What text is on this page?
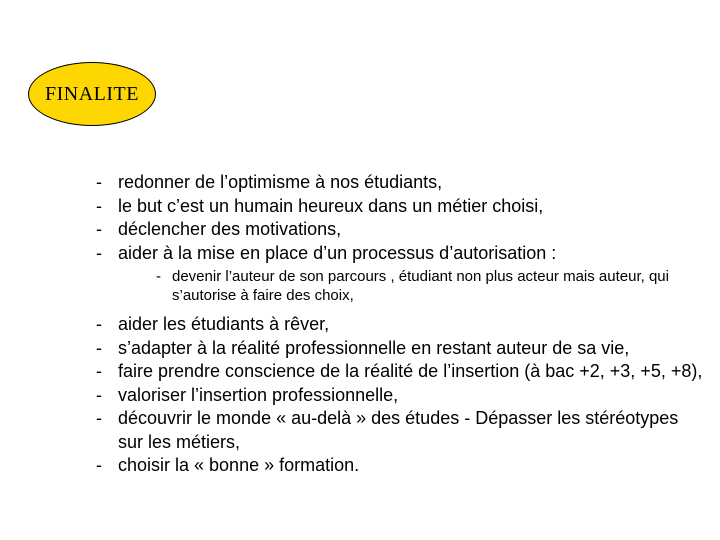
FINALITE
- redonner de l’optimisme à nos étudiants,
- le but c’est un humain heureux dans un métier choisi,
- déclencher des motivations,
- aider à la mise en place d’un processus d’autorisation :
- devenir l’auteur de son parcours , étudiant non plus acteur mais auteur, qui s’autorise à faire des choix,
- aider les étudiants à rêver,
- s’adapter à la réalité professionnelle en restant auteur de sa vie,
- faire prendre conscience de la réalité de l’insertion (à bac +2, +3, +5, +8),
- valoriser l’insertion professionnelle,
- découvrir le monde « au-delà » des études - Dépasser les stéréotypes sur les métiers,
- choisir la « bonne » formation.
